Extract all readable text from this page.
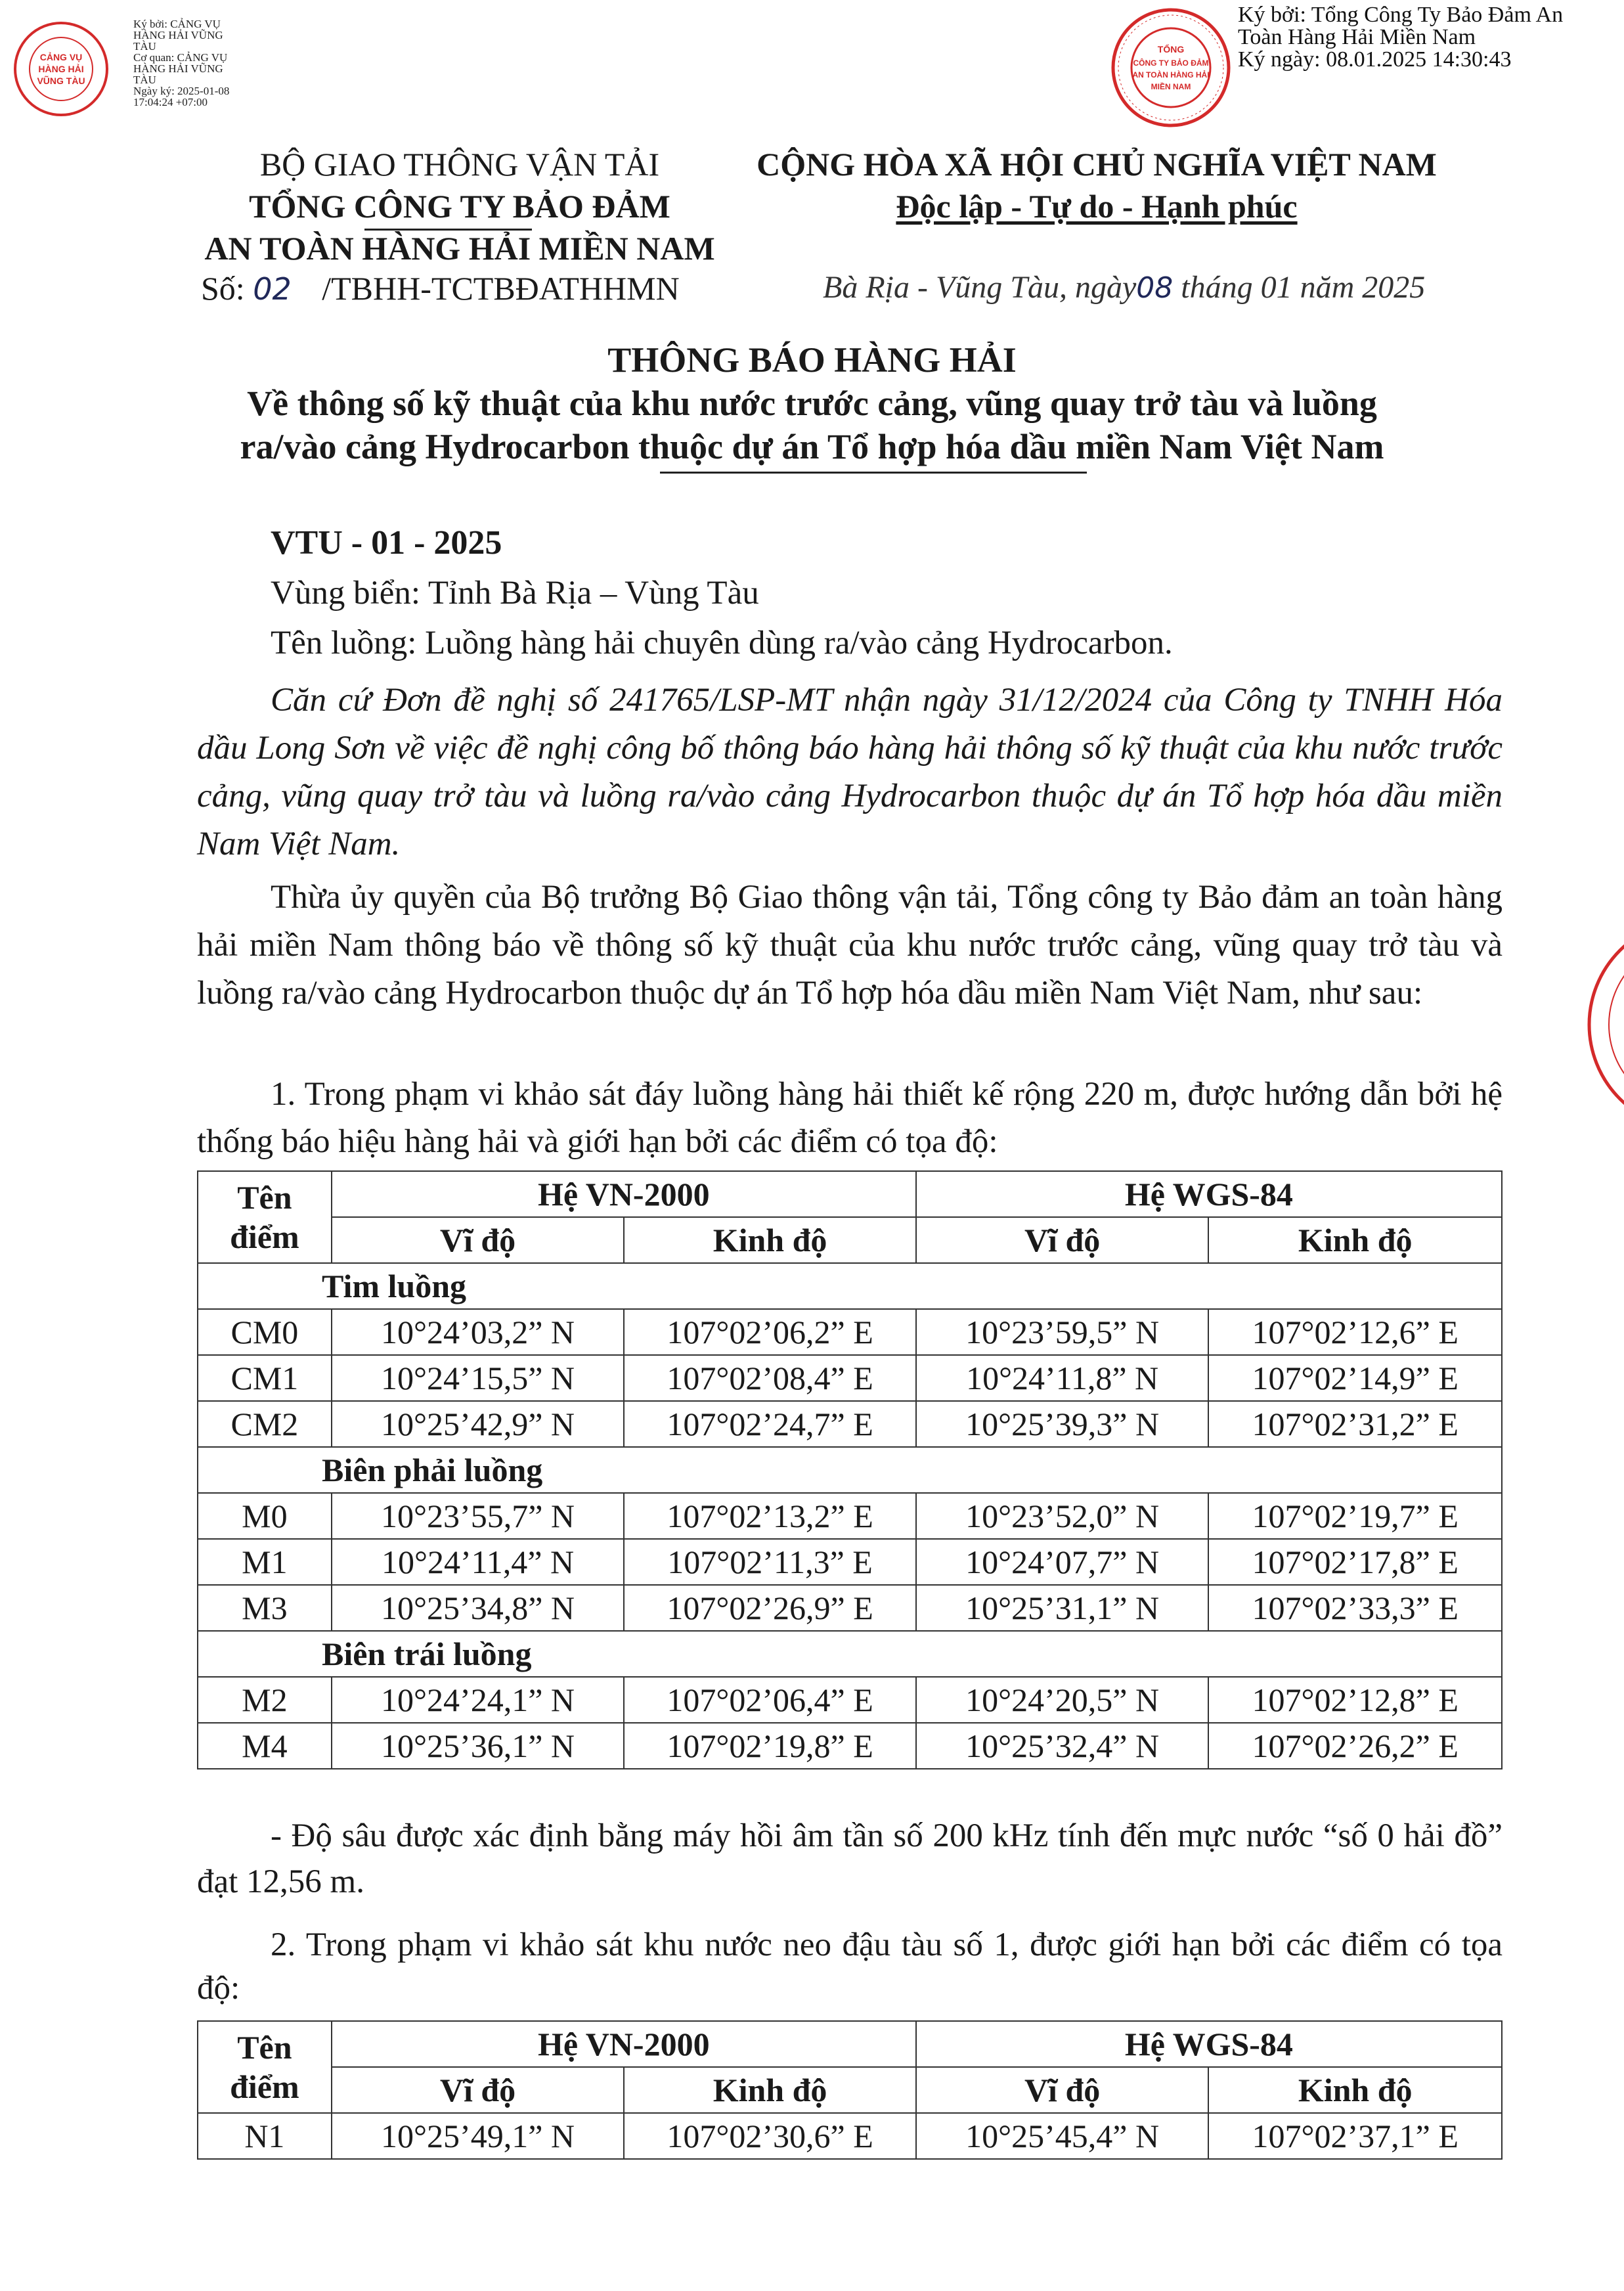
CẢNG VỤ
HÀNG HẢI
VŨNG TÀU
Ký bởi: CẢNG VỤ
HÀNG HẢI VŨNG
TÀU
Cơ quan: CẢNG VỤ
HÀNG HẢI VŨNG
TÀU
Ngày ký: 2025-01-08
17:04:24 +07:00
TỔNG
CÔNG TY BẢO ĐẢM
AN TOÀN HÀNG HẢI
MIỀN NAM
Ký bởi: Tổng Công Ty Bảo Đảm An
Toàn Hàng Hải Miền Nam
Ký ngày: 08.01.2025 14:30:43
BỘ GIAO THÔNG VẬN TẢI
TỔNG CÔNG TY BẢO ĐẢM
AN TOÀN HÀNG HẢI MIỀN NAM
Số: 02 /TBHH-TCTBĐATHHMN
CỘNG HÒA XÃ HỘI CHỦ NGHĨA VIỆT NAM
Độc lập - Tự do - Hạnh phúc
Bà Rịa - Vũng Tàu, ngày08 tháng 01 năm 2025
THÔNG BÁO HÀNG HẢI
Về thông số kỹ thuật của khu nước trước cảng, vũng quay trở tàu và luồng
ra/vào cảng Hydrocarbon thuộc dự án Tổ hợp hóa dầu miền Nam Việt Nam
VTU - 01 - 2025
Vùng biển: Tỉnh Bà Rịa – Vùng Tàu
Tên luồng: Luồng hàng hải chuyên dùng ra/vào cảng Hydrocarbon.
Căn cứ Đơn đề nghị số 241765/LSP-MT nhận ngày 31/12/2024 của Công ty TNHH Hóa dầu Long Sơn về việc đề nghị công bố thông báo hàng hải thông số kỹ thuật của khu nước trước cảng, vũng quay trở tàu và luồng ra/vào cảng Hydrocarbon thuộc dự án Tổ hợp hóa dầu miền Nam Việt Nam.
Thừa ủy quyền của Bộ trưởng Bộ Giao thông vận tải, Tổng công ty Bảo đảm an toàn hàng hải miền Nam thông báo về thông số kỹ thuật của khu nước trước cảng, vũng quay trở tàu và luồng ra/vào cảng Hydrocarbon thuộc dự án Tổ hợp hóa dầu miền Nam Việt Nam, như sau:
1. Trong phạm vi khảo sát đáy luồng hàng hải thiết kế rộng 220 m, được hướng dẫn bởi hệ thống báo hiệu hàng hải và giới hạn bởi các điểm có tọa độ:
Tên
điểm	Hệ VN-2000		Hệ WGS-84	
	Vĩ độ	Kinh độ	Vĩ độ	Kinh độ
Tim luồng				
CM0	10°24’03,2” N	107°02’06,2” E	10°23’59,5” N	107°02’12,6” E
CM1	10°24’15,5” N	107°02’08,4” E	10°24’11,8” N	107°02’14,9” E
CM2	10°25’42,9” N	107°02’24,7” E	10°25’39,3” N	107°02’31,2” E
Biên phải luồng				
M0	10°23’55,7” N	107°02’13,2” E	10°23’52,0” N	107°02’19,7” E
M1	10°24’11,4” N	107°02’11,3” E	10°24’07,7” N	107°02’17,8” E
M3	10°25’34,8” N	107°02’26,9” E	10°25’31,1” N	107°02’33,3” E
Biên trái luồng				
M2	10°24’24,1” N	107°02’06,4” E	10°24’20,5” N	107°02’12,8” E
M4	10°25’36,1” N	107°02’19,8” E	10°25’32,4” N	107°02’26,2” E
- Độ sâu được xác định bằng máy hồi âm tần số 200 kHz tính đến mực nước “số 0 hải đồ” đạt 12,56 m.
2. Trong phạm vi khảo sát khu nước neo đậu tàu số 1, được giới hạn bởi các điểm có tọa độ:
Tên
điểm	Hệ VN-2000		Hệ WGS-84	
	Vĩ độ	Kinh độ	Vĩ độ	Kinh độ
N1	10°25’49,1” N	107°02’30,6” E	10°25’45,4” N	107°02’37,1” E
